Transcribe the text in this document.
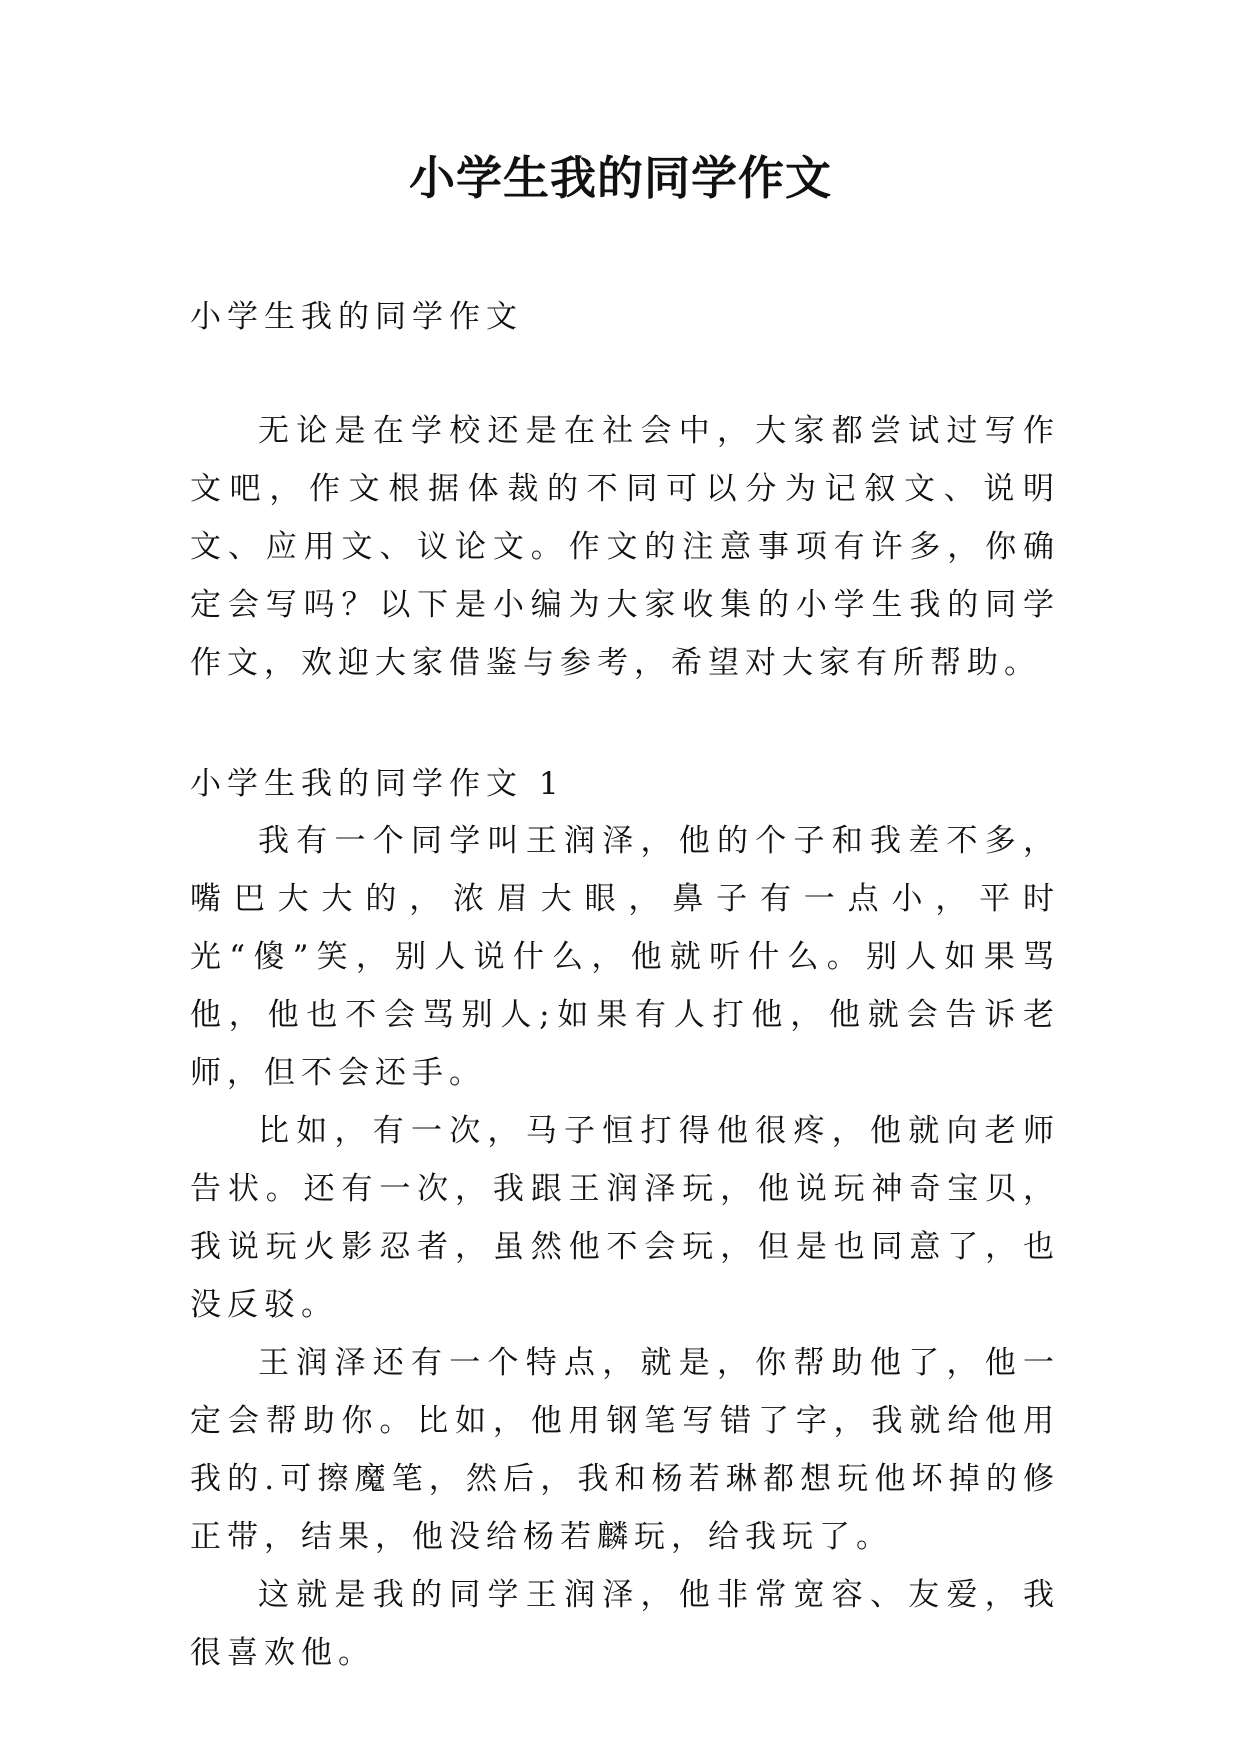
小学生我的同学作文

小学生我的同学作文

无论是在学校还是在社会中，大家都尝试过写作文吧，作文根据体裁的不同可以分为记叙文、说明文、应用文、议论文。作文的注意事项有许多，你确定会写吗？以下是小编为大家收集的小学生我的同学作文，欢迎大家借鉴与参考，希望对大家有所帮助。

小学生我的同学作文 1

我有一个同学叫王润泽，他的个子和我差不多，嘴巴大大的，浓眉大眼，鼻子有一点小，平时光“傻”笑，别人说什么，他就听什么。别人如果骂他，他也不会骂别人;如果有人打他，他就会告诉老师，但不会还手。

比如，有一次，马子恒打得他很疼，他就向老师告状。还有一次，我跟王润泽玩，他说玩神奇宝贝，我说玩火影忍者，虽然他不会玩，但是也同意了，也没反驳。

王润泽还有一个特点，就是，你帮助他了，他一定会帮助你。比如，他用钢笔写错了字，我就给他用我的.可擦魔笔，然后，我和杨若琳都想玩他坏掉的修正带，结果，他没给杨若麟玩，给我玩了。

这就是我的同学王润泽，他非常宽容、友爱，我很喜欢他。
